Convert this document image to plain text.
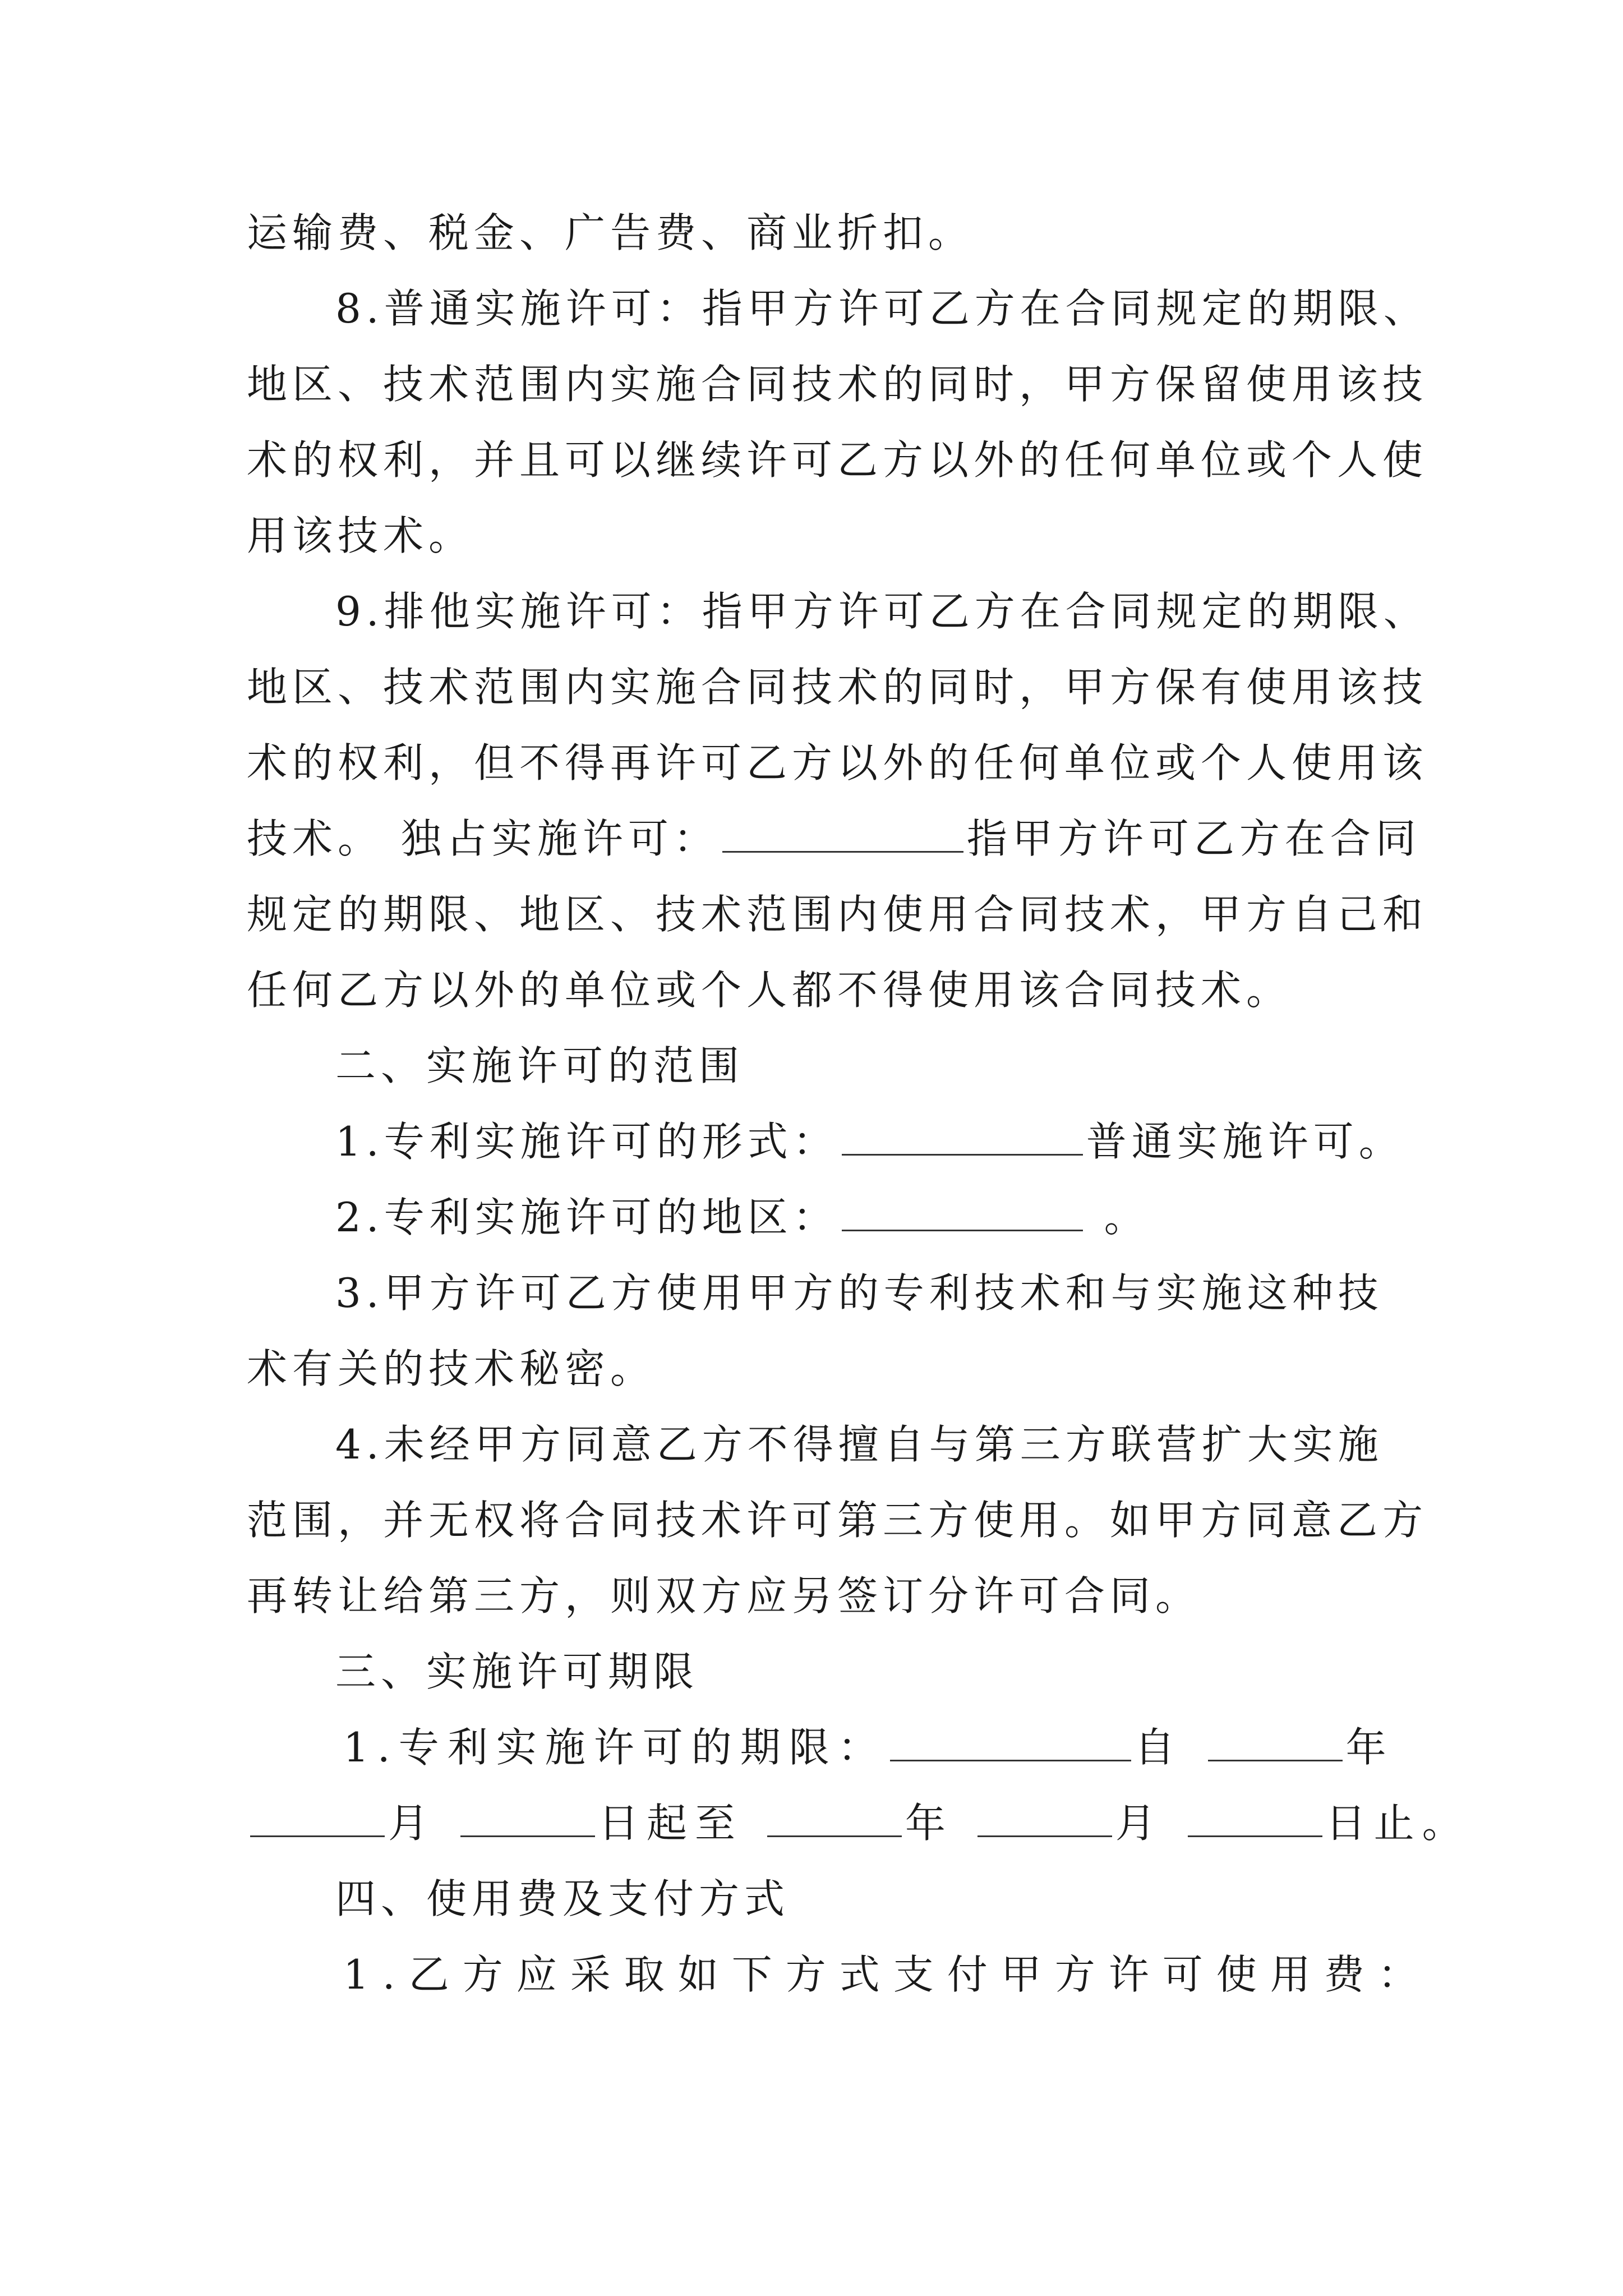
运输费、税金、广告费、商业折扣。
8.普通实施许可：指甲方许可乙方在合同规定的期限、
地区、技术范围内实施合同技术的同时，甲方保留使用该技
术的权利，并且可以继续许可乙方以外的任何单位或个人使
用该技术。
9.排他实施许可：指甲方许可乙方在合同规定的期限、
地区、技术范围内实施合同技术的同时，甲方保有使用该技
术的权利，但不得再许可乙方以外的任何单位或个人使用该
技术。 独占实施许可：	指甲方许可乙方在合同
规定的期限、地区、技术范围内使用合同技术，甲方自己和
任何乙方以外的单位或个人都不得使用该合同技术。
二、实施许可的范围
1.专利实施许可的形式：	普通实施许可。
2.专利实施许可的地区：	。
3.甲方许可乙方使用甲方的专利技术和与实施这种技
术有关的技术秘密。
4.未经甲方同意乙方不得擅自与第三方联营扩大实施
范围，并无权将合同技术许可第三方使用。如甲方同意乙方
再转让给第三方，则双方应另签订分许可合同。
三、实施许可期限
1.专利实施许可的期限：	自	年
月	日起至	年	月	日止。
四、使用费及支付方式
1.乙方应采取如下方式支付甲方许可使用费：
